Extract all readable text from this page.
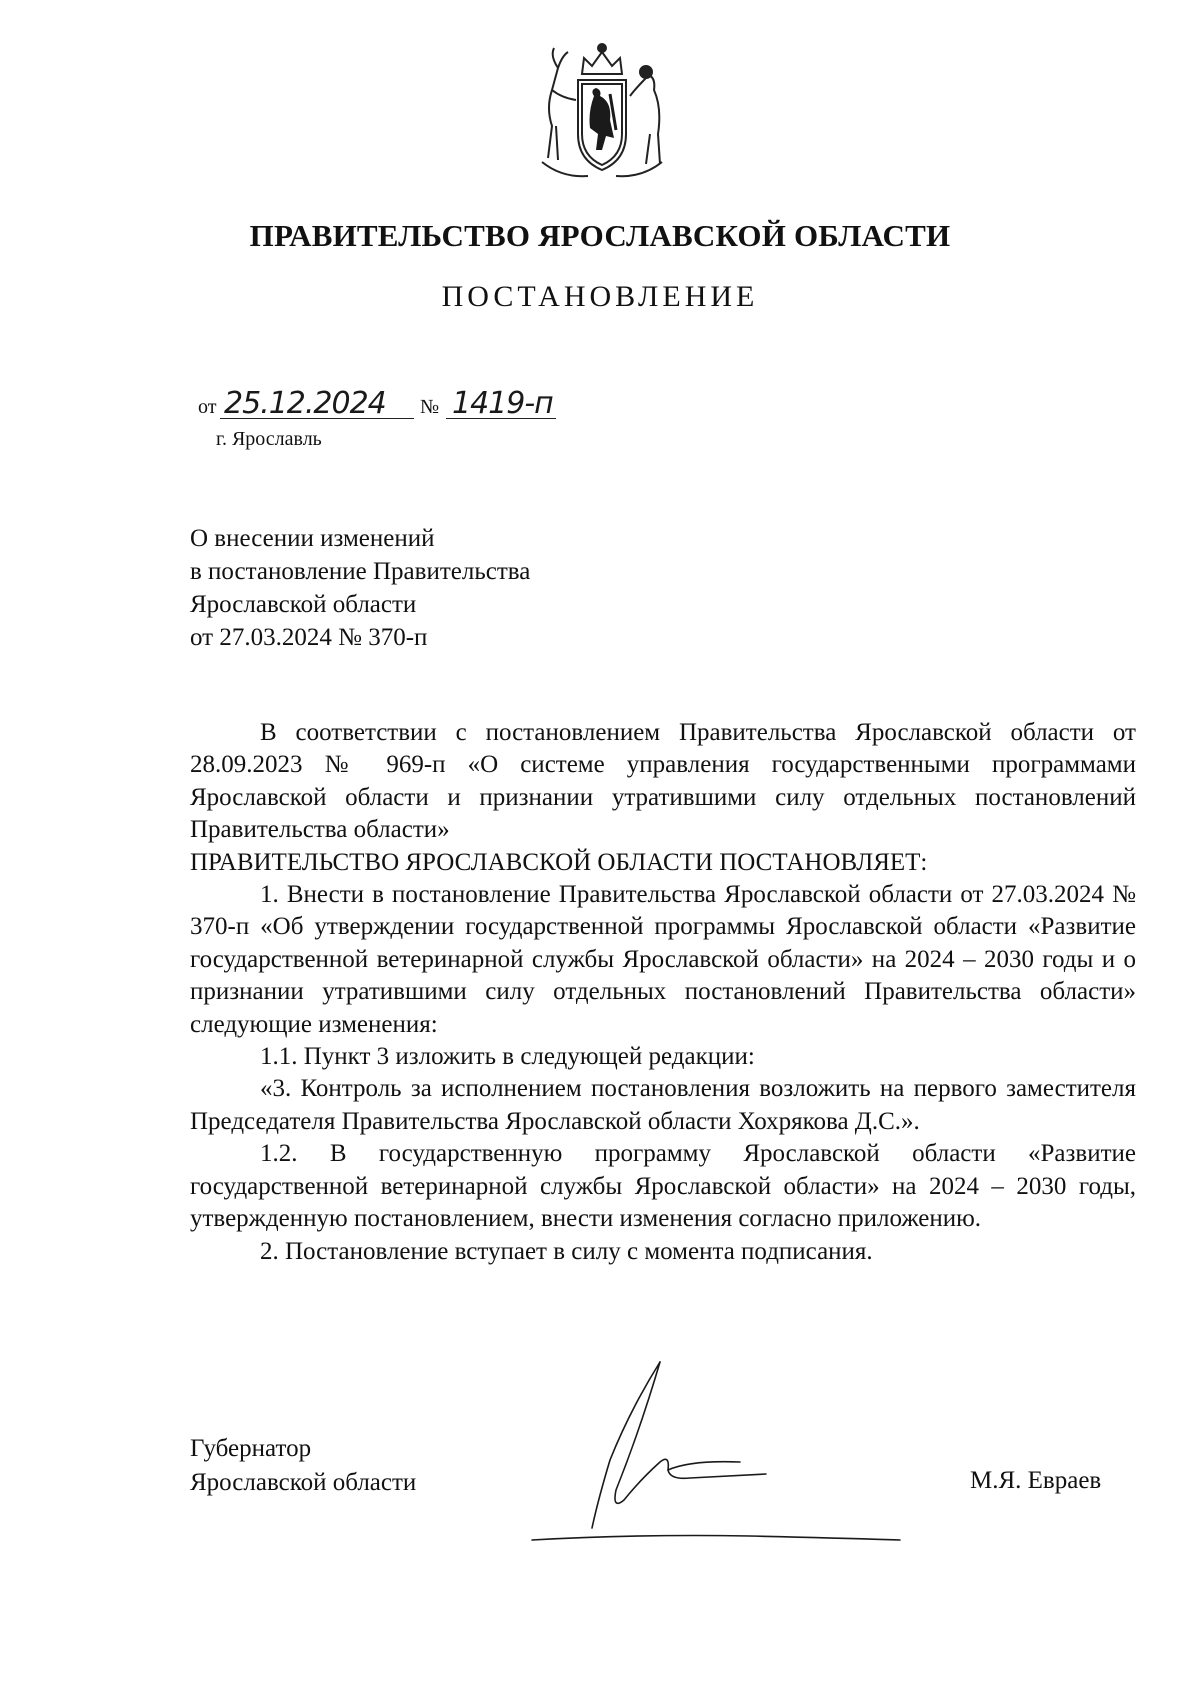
ПРАВИТЕЛЬСТВО ЯРОСЛАВСКОЙ ОБЛАСТИ
ПОСТАНОВЛЕНИЕ
от 25.12.2024 № 1419-п
г. Ярославль
О внесении изменений
в постановление Правительства
Ярославской области
от 27.03.2024 № 370-п

В соответствии с постановлением Правительства Ярославской области от 28.09.2023 № 969-п «О системе управления государственными программами Ярославской области и признании утратившими силу отдельных постановлений Правительства области»

ПРАВИТЕЛЬСТВО ЯРОСЛАВСКОЙ ОБЛАСТИ ПОСТАНОВЛЯЕТ:

1. Внести в постановление Правительства Ярославской области от 27.03.2024 № 370-п «Об утверждении государственной программы Ярославской области «Развитие государственной ветеринарной службы Ярославской области» на 2024 – 2030 годы и о признании утратившими силу отдельных постановлений Правительства области» следующие изменения:

1.1. Пункт 3 изложить в следующей редакции:

«3. Контроль за исполнением постановления возложить на первого заместителя Председателя Правительства Ярославской области Хохрякова Д.С.».

1.2. В государственную программу Ярославской области «Развитие государственной ветеринарной службы Ярославской области» на 2024 – 2030 годы, утвержденную постановлением, внести изменения согласно приложению.

2. Постановление вступает в силу с момента подписания.

Губернатор
Ярославской области	М.Я. Евраев
